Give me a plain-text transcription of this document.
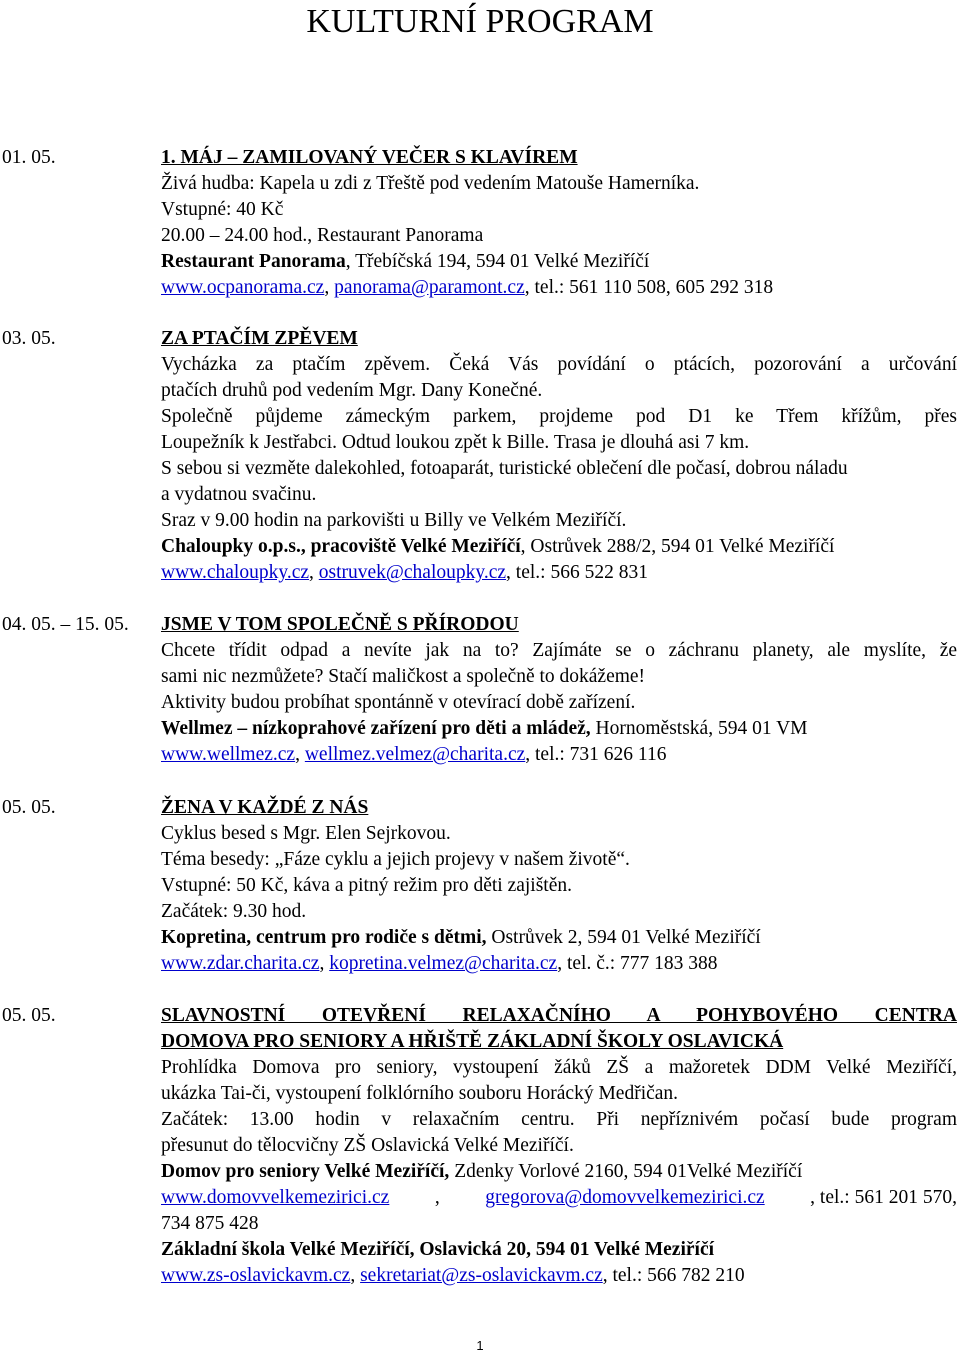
KULTURNÍ PROGRAM
01. 05.	1. MÁJ – ZAMILOVANÝ VEČER S KLAVÍREM
Živá hudba: Kapela u zdi z Třeště pod vedením Matouše Hamerníka.
Vstupné: 40 Kč
20.00 – 24.00 hod., Restaurant Panorama
Restaurant Panorama, Třebíčská 194, 594 01 Velké Meziříčí
www.ocpanorama.cz, panorama@paramont.cz, tel.: 561 110 508, 605 292 318
03. 05.	ZA PTAČÍM ZPĚVEM
Vycházka za ptačím zpěvem. Čeká Vás povídání o ptácích, pozorování a určování
ptačích druhů pod vedením Mgr. Dany Konečné.
Společně půjdeme zámeckým parkem, projdeme pod D1 ke Třem křížům, přes
Loupežník k Jestřabci. Odtud loukou zpět k Bille. Trasa je dlouhá asi 7 km.
S sebou si vezměte dalekohled, fotoaparát, turistické oblečení dle počasí, dobrou náladu
a vydatnou svačinu.
Sraz v 9.00 hodin na parkovišti u Billy ve Velkém Meziříčí.
Chaloupky o.p.s., pracoviště Velké Meziříčí, Ostrůvek 288/2, 594 01 Velké Meziříčí
www.chaloupky.cz, ostruvek@chaloupky.cz, tel.: 566 522 831
04. 05. – 15. 05. JSME V TOM SPOLEČNĚ S PŘÍRODOU
Chcete třídit odpad a nevíte jak na to? Zajímáte se o záchranu planety, ale myslíte, že
sami nic nezmůžete? Stačí maličkost a společně to dokážeme!
Aktivity budou probíhat spontánně v otevírací době zařízení.
Wellmez – nízkoprahové zařízení pro děti a mládež, Hornoměstská, 594 01 VM
www.wellmez.cz, wellmez.velmez@charita.cz, tel.: 731 626 116
05. 05.	ŽENA V KAŽDÉ Z NÁS
Cyklus besed s Mgr. Elen Sejrkovou.
Téma besedy: „Fáze cyklu a jejich projevy v našem životě“.
Vstupné: 50 Kč, káva a pitný režim pro děti zajištěn.
Začátek: 9.30 hod.
Kopretina, centrum pro rodiče s dětmi, Ostrůvek 2, 594 01 Velké Meziříčí
www.zdar.charita.cz, kopretina.velmez@charita.cz, tel. č.: 777 183 388
05. 05.	SLAVNOSTNÍ OTEVŘENÍ RELAXAČNÍHO A POHYBOVÉHO CENTRA
DOMOVA PRO SENIORY A HŘIŠTĚ ZÁKLADNÍ ŠKOLY OSLAVICKÁ
Prohlídka Domova pro seniory, vystoupení žáků ZŠ a mažoretek DDM Velké Meziříčí,
ukázka Tai-či, vystoupení folklórního souboru Horácký Medřičan.
Začátek: 13.00 hodin v relaxačním centru. Při nepříznivém počasí bude program
přesunut do tělocvičny ZŠ Oslavická Velké Meziříčí.
Domov pro seniory Velké Meziříčí, Zdenky Vorlové 2160, 594 01Velké Meziříčí
www.domovvelkemezirici.cz , gregorova@domovvelkemezirici.cz , tel.: 561 201 570,
734 875 428
Základní škola Velké Meziříčí, Oslavická 20, 594 01 Velké Meziříčí
www.zs-oslavickavm.cz, sekretariat@zs-oslavickavm.cz, tel.: 566 782 210
1
